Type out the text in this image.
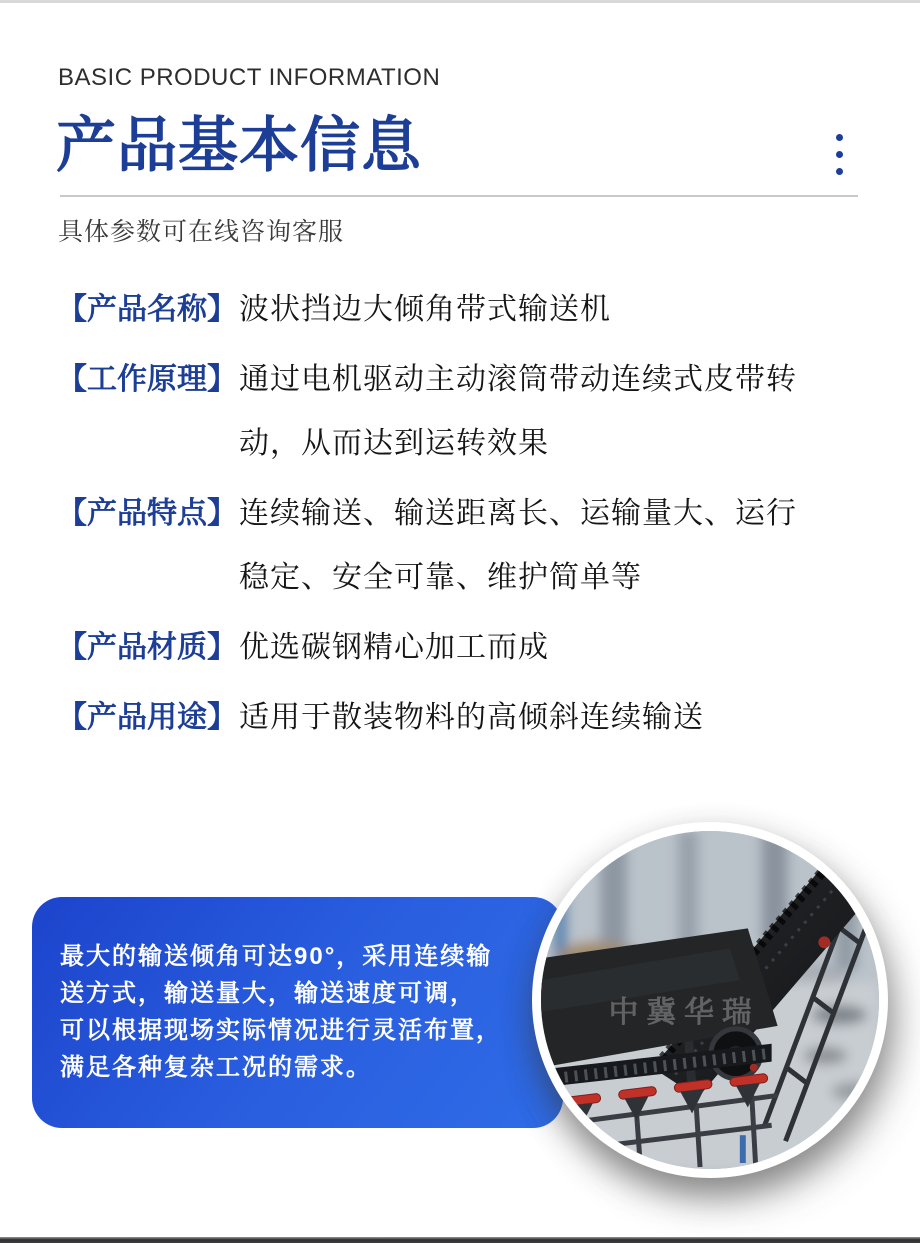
BASIC PRODUCT INFORMATION
产品基本信息
具体参数可在线咨询客服
【产品名称】 波状挡边大倾角带式输送机
【工作原理】 通过电机驱动主动滚筒带动连续式皮带转动，从而达到运转效果
【产品特点】 连续输送、输送距离长、运输量大、运行稳定、安全可靠、维护简单等
【产品材质】 优选碳钢精心加工而成
【产品用途】 适用于散装物料的高倾斜连续输送
最大的输送倾角可达90°，采用连续输
送方式，输送量大，输送速度可调，
可以根据现场实际情况进行灵活布置，
满足各种复杂工况的需求。
中冀华瑞
